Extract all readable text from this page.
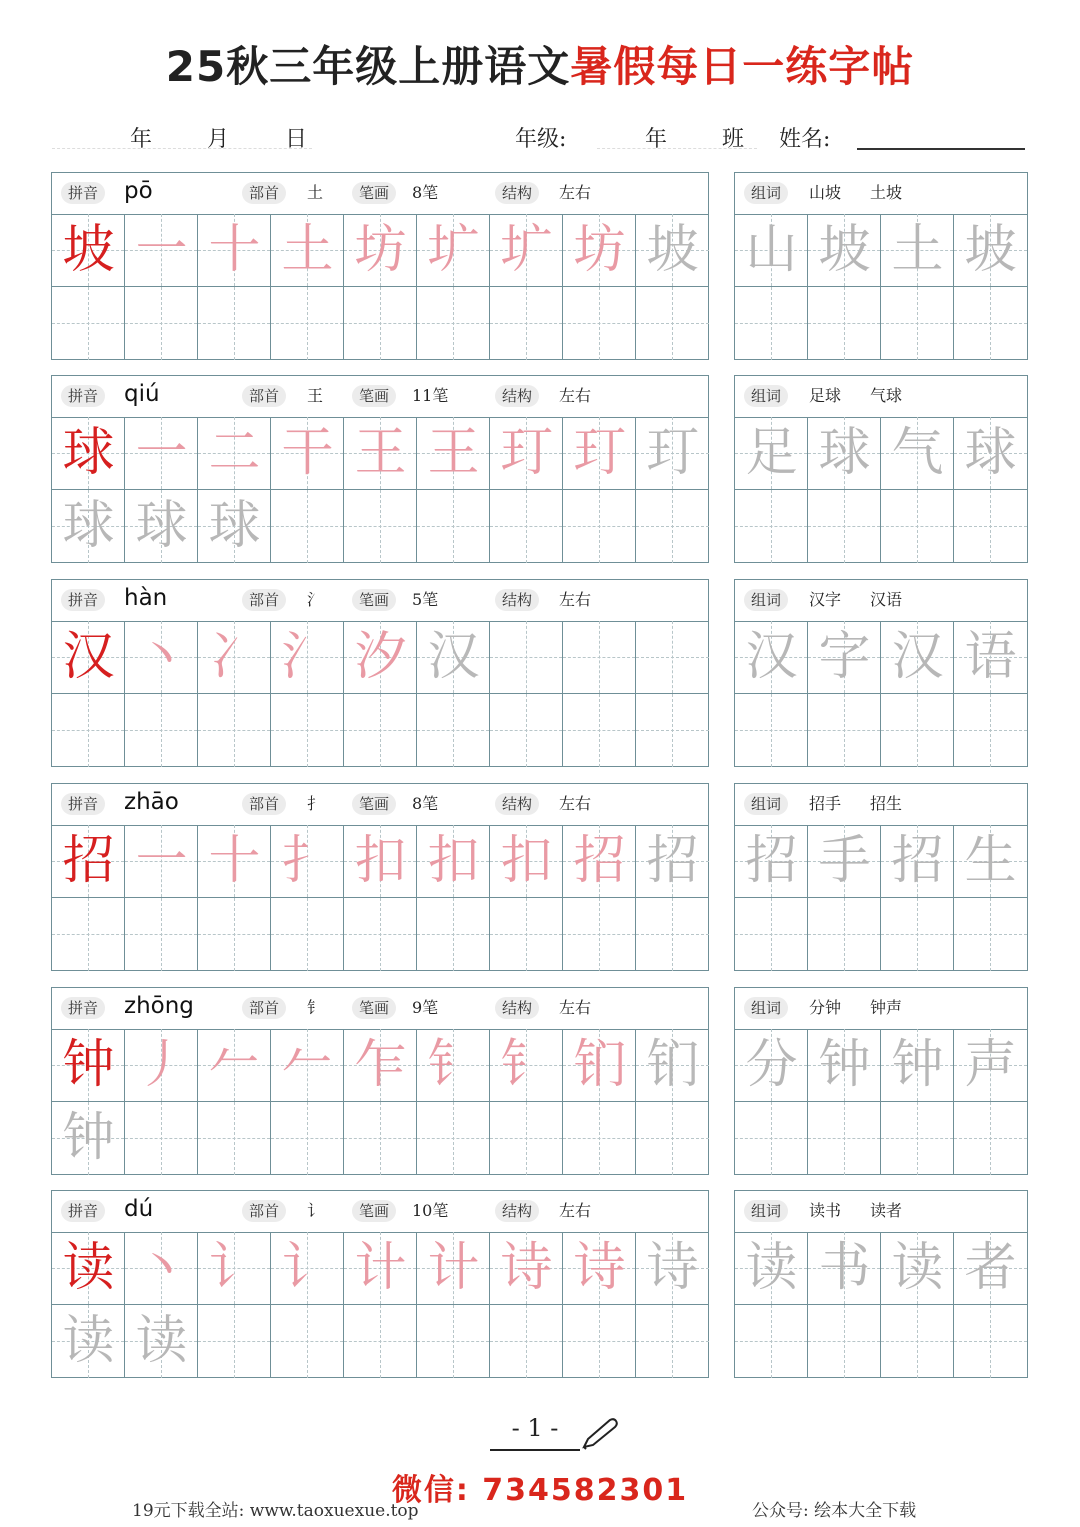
25秋三年级上册语文暑假每日一练字帖
年 月	日	年级:	年 班 姓名:
拼音	pō	部首	土	笔画	8笔	结构	左右
坡 一 十 土 坊 圹 圹 坊 坡
组词	山坡 土坡
山 坡 土 坡
拼音	qiú	部首	王	笔画	11笔	结构	左右
球 一 二 干 王 王 玎 玎 玎
球 球 球
组词	足球 气球
足 球 气 球
拼音	hàn	部首	氵	笔画	5笔	结构	左右
汉 丶 冫 氵 汐 汉
组词	汉字 汉语
汉 字 汉 语
拼音	zhāo	部首	扌	笔画	8笔	结构	左右
招 一 十 扌 扣 扣 扣 招 招
组词	招手 招生
招 手 招 生
拼音	zhōng	部首	钅	笔画	9笔	结构	左右
钟 丿 𠂉 𠂉 乍 钅 钅 钔 钔
钟
组词	分钟 钟声
分 钟 钟 声
拼音	dú	部首	讠	笔画	10笔	结构	左右
读 丶 讠 讠 计 计 诗 诗 诗
读 读
组词	读书 读者
读 书 读 者
- 1 -
微信: 734582301
19元下载全站: www.taoxuexue.top	公众号: 绘本大全下载
